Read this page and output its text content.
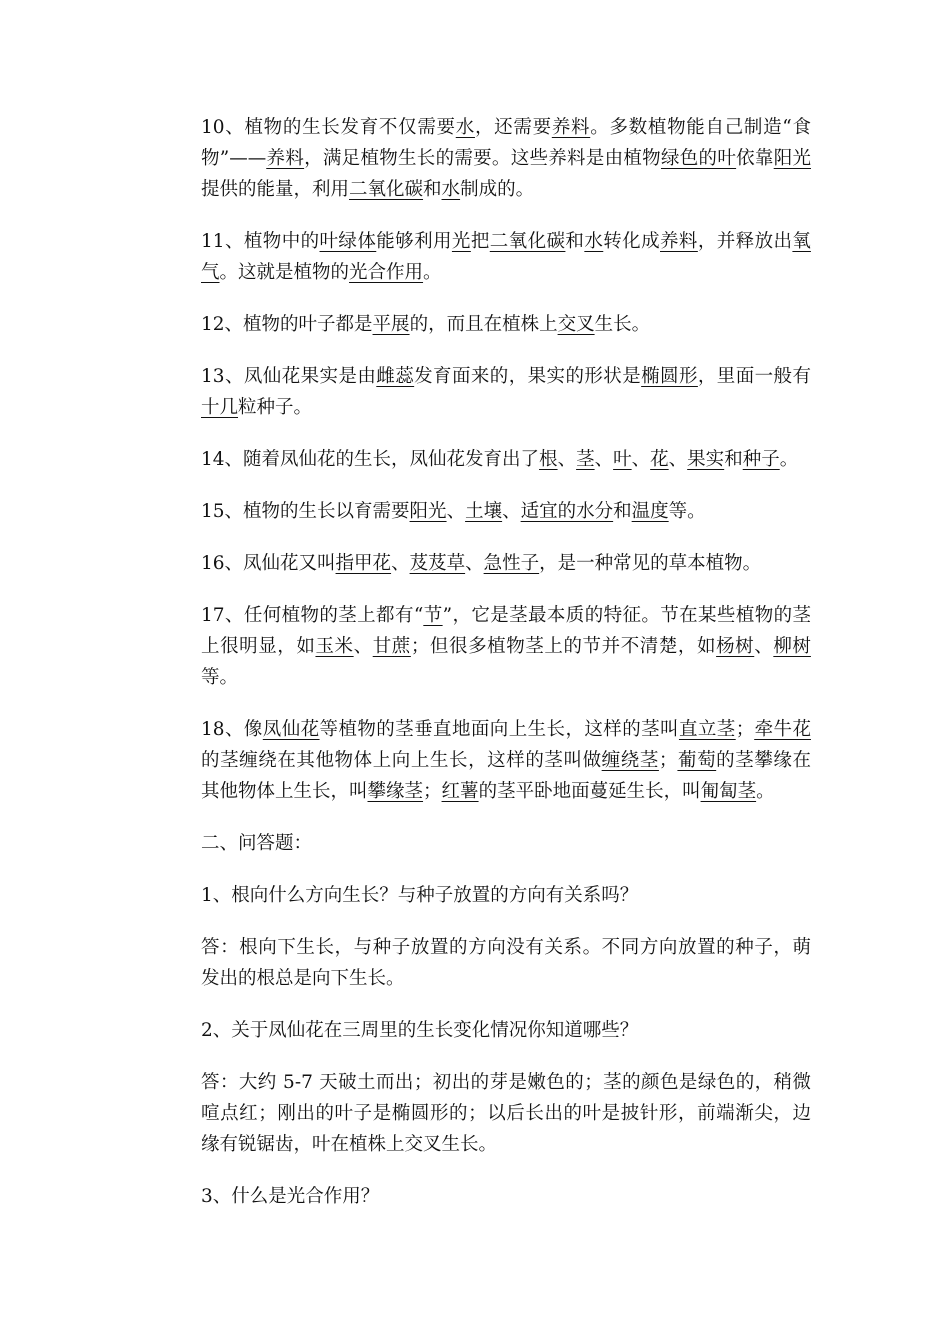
10、植物的生长发育不仅需要水，还需要养料。多数植物能自己制造“食物”——养料，满足植物生长的需要。这些养料是由植物绿色的叶依靠阳光提供的能量，利用二氧化碳和水制成的。

11、植物中的叶绿体能够利用光把二氧化碳和水转化成养料，并释放出氧气。这就是植物的光合作用。

12、植物的叶子都是平展的，而且在植株上交叉生长。

13、凤仙花果实是由雌蕊发育面来的，果实的形状是椭圆形，里面一般有十几粒种子。

14、随着凤仙花的生长，凤仙花发育出了根、茎、叶、花、果实和种子。

15、植物的生长以育需要阳光、土壤、适宜的水分和温度等。

16、凤仙花又叫指甲花、芨芨草、急性子，是一种常见的草本植物。

17、任何植物的茎上都有“节”，它是茎最本质的特征。节在某些植物的茎上很明显，如玉米、甘蔗；但很多植物茎上的节并不清楚，如杨树、柳树等。

18、像凤仙花等植物的茎垂直地面向上生长，这样的茎叫直立茎；牵牛花的茎缠绕在其他物体上向上生长，这样的茎叫做缠绕茎；葡萄的茎攀缘在其他物体上生长，叫攀缘茎；红薯的茎平卧地面蔓延生长，叫匍匐茎。

二、问答题：

1、根向什么方向生长？与种子放置的方向有关系吗？

答：根向下生长，与种子放置的方向没有关系。不同方向放置的种子，萌发出的根总是向下生长。

2、关于凤仙花在三周里的生长变化情况你知道哪些？

答：大约 5-7 天破土而出；初出的芽是嫩色的；茎的颜色是绿色的，稍微喧点红；刚出的叶子是椭圆形的；以后长出的叶是披针形，前端渐尖，边缘有锐锯齿，叶在植株上交叉生长。

3、什么是光合作用？
